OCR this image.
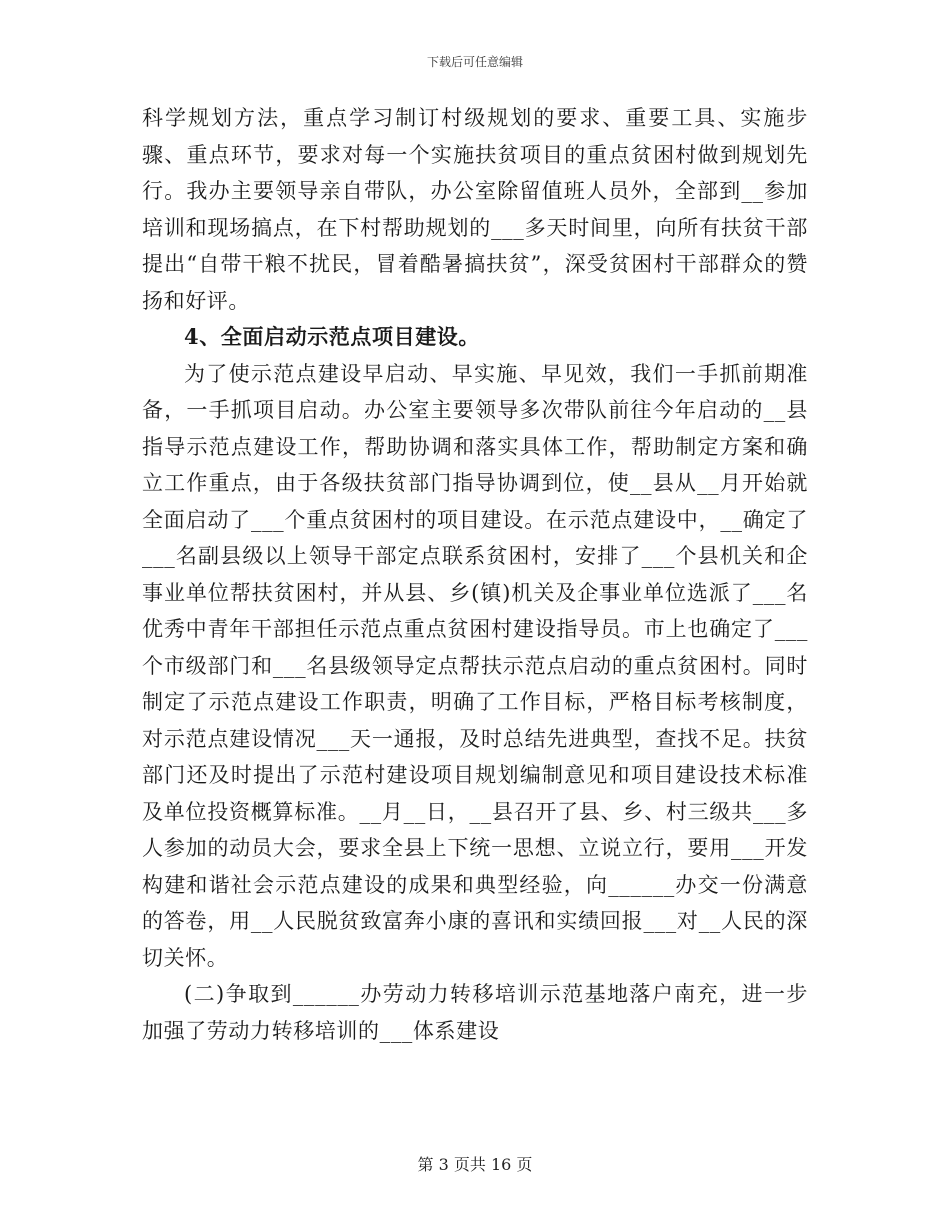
下载后可任意编辑

科学规划方法，重点学习制订村级规划的要求、重要工具、实施步骤、重点环节，要求对每一个实施扶贫项目的重点贫困村做到规划先行。我办主要领导亲自带队，办公室除留值班人员外，全部到__参加培训和现场搞点，在下村帮助规划的___多天时间里，向所有扶贫干部提出“自带干粮不扰民，冒着酷暑搞扶贫”，深受贫困村干部群众的赞扬和好评。

4、全面启动示范点项目建设。

为了使示范点建设早启动、早实施、早见效，我们一手抓前期准备，一手抓项目启动。办公室主要领导多次带队前往今年启动的__县指导示范点建设工作，帮助协调和落实具体工作，帮助制定方案和确立工作重点，由于各级扶贫部门指导协调到位，使__县从__月开始就全面启动了___个重点贫困村的项目建设。在示范点建设中，__确定了___名副县级以上领导干部定点联系贫困村，安排了___个县机关和企事业单位帮扶贫困村，并从县、乡(镇)机关及企事业单位选派了___名优秀中青年干部担任示范点重点贫困村建设指导员。市上也确定了___个市级部门和___名县级领导定点帮扶示范点启动的重点贫困村。同时制定了示范点建设工作职责，明确了工作目标，严格目标考核制度，对示范点建设情况___天一通报，及时总结先进典型，查找不足。扶贫部门还及时提出了示范村建设项目规划编制意见和项目建设技术标准及单位投资概算标准。__月__日，__县召开了县、乡、村三级共___多人参加的动员大会，要求全县上下统一思想、立说立行，要用___开发构建和谐社会示范点建设的成果和典型经验，向______办交一份满意的答卷，用__人民脱贫致富奔小康的喜讯和实绩回报___对__人民的深切关怀。

(二)争取到______办劳动力转移培训示范基地落户南充，进一步加强了劳动力转移培训的___体系建设

第 3 页共 16 页
